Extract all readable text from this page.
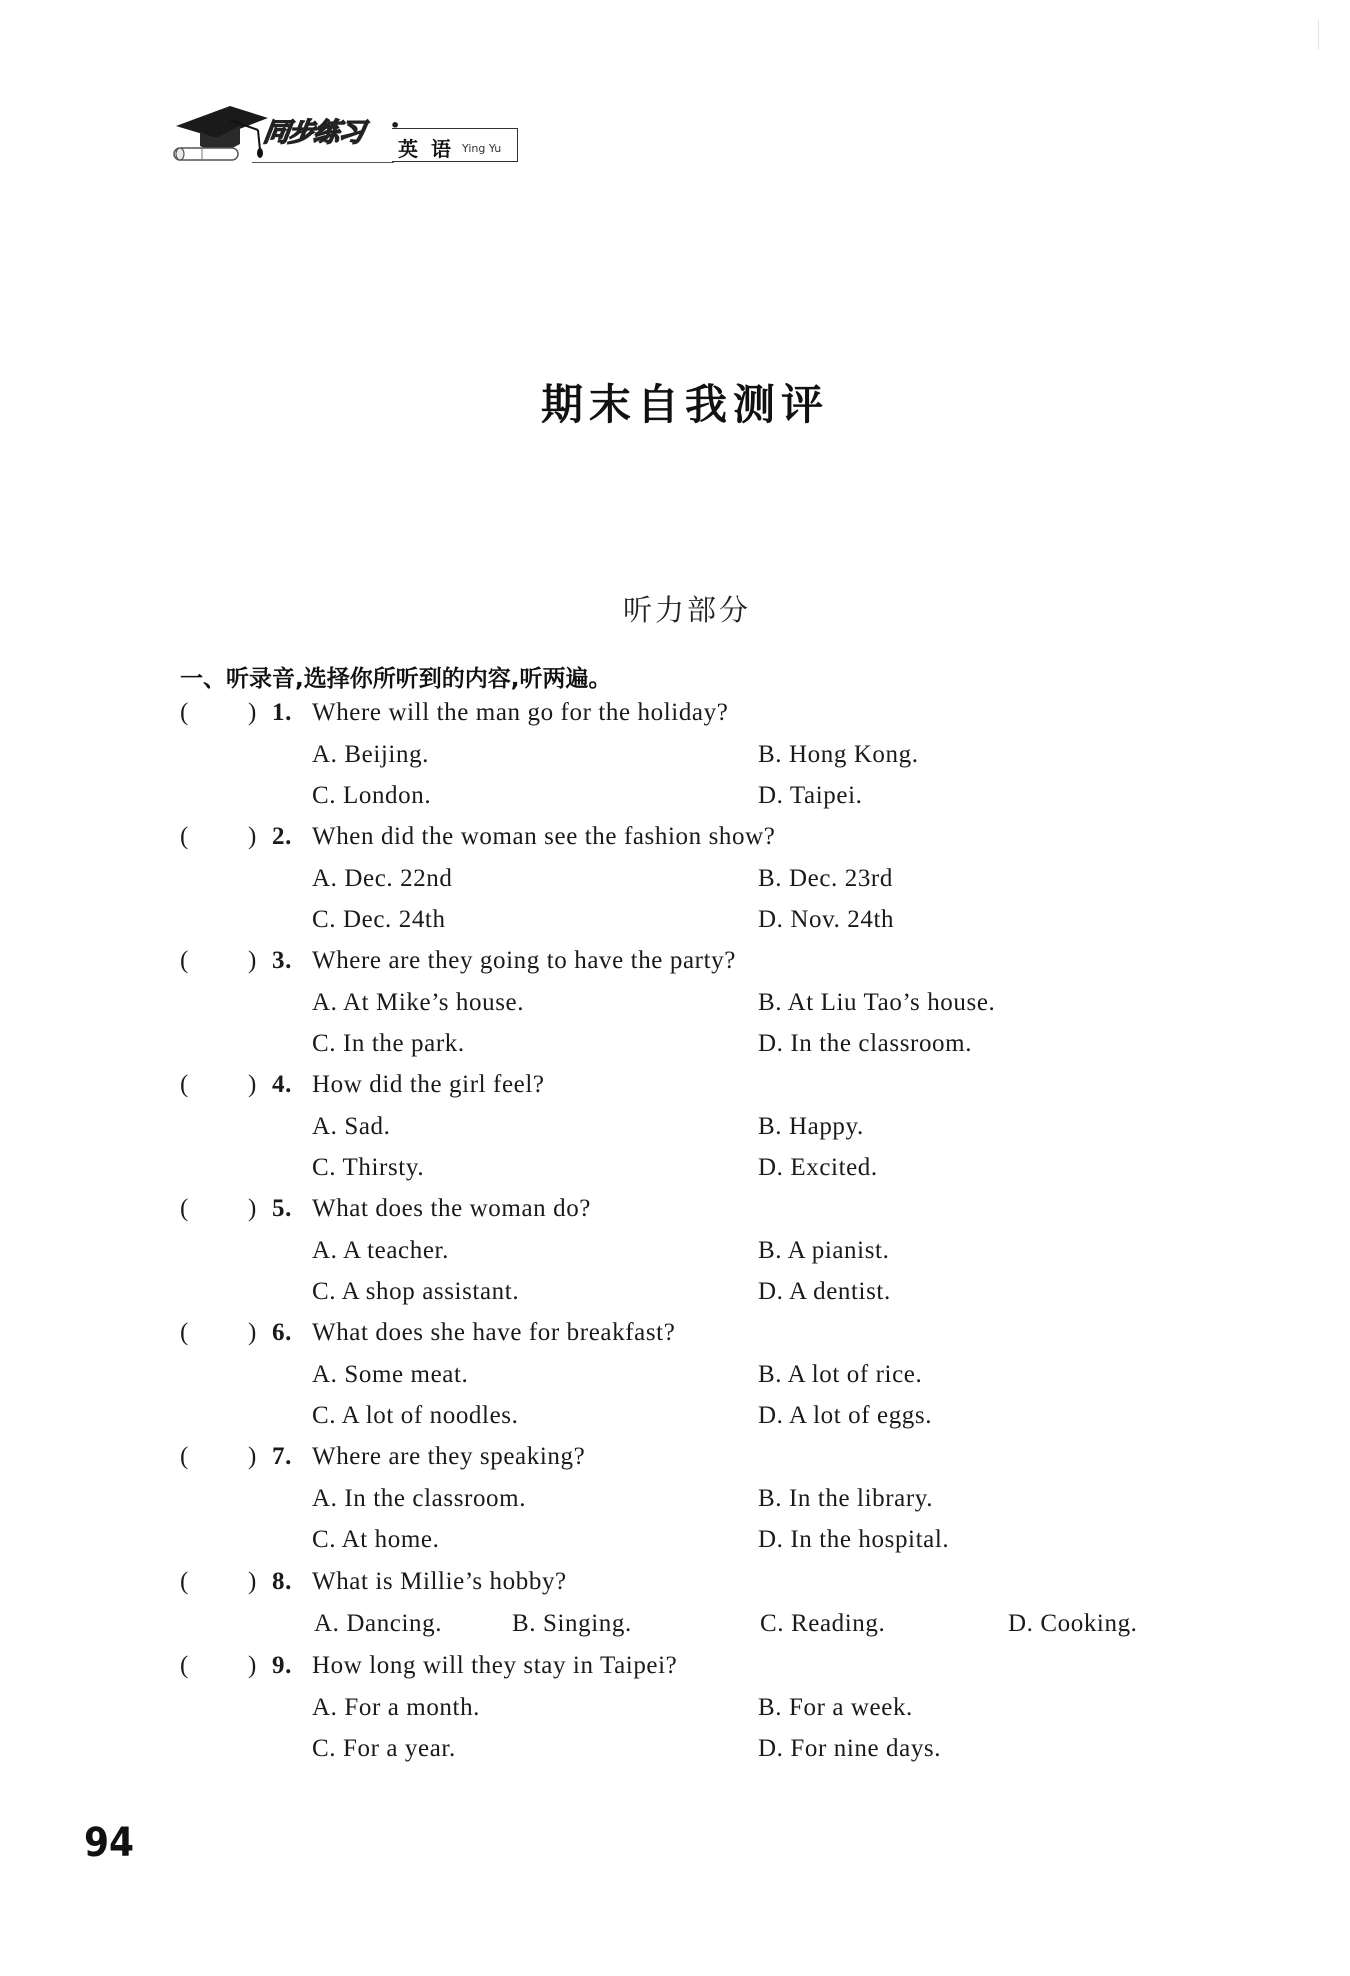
同步练习 •
英 语 Ying Yu
期末自我测评
听力部分
一、听录音,选择你所听到的内容,听两遍。
( ) 1. Where will the man go for the holiday?
A. Beijing.	B. Hong Kong.
C. London.	D. Taipei.
( ) 2. When did the woman see the fashion show?
A. Dec. 22nd	B. Dec. 23rd
C. Dec. 24th	D. Nov. 24th
( ) 3. Where are they going to have the party?
A. At Mike’s house.	B. At Liu Tao’s house.
C. In the park.	D. In the classroom.
( ) 4. How did the girl feel?
A. Sad.	B. Happy.
C. Thirsty.	D. Excited.
( ) 5. What does the woman do?
A. A teacher.	B. A pianist.
C. A shop assistant.	D. A dentist.
( ) 6. What does she have for breakfast?
A. Some meat.	B. A lot of rice.
C. A lot of noodles.	D. A lot of eggs.
( ) 7. Where are they speaking?
A. In the classroom.	B. In the library.
C. At home.	D. In the hospital.
( ) 8. What is Millie’s hobby?
A. Dancing.	B. Singing.	C. Reading.	D. Cooking.
( ) 9. How long will they stay in Taipei?
A. For a month.	B. For a week.
C. For a year.	D. For nine days.
94
